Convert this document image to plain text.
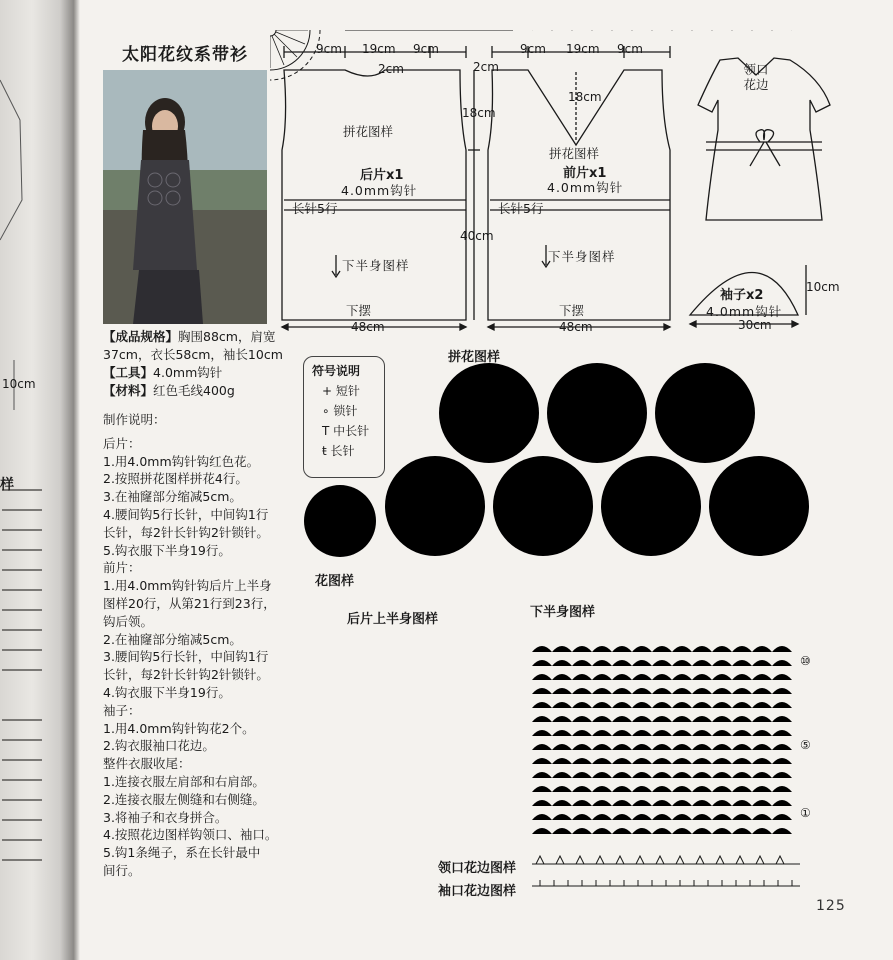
10cm
样
太阳花纹系带衫
【成品规格】胸围88cm，肩宽37cm，衣长58cm，袖长10cm
【工具】4.0mm钩针
【材料】红色毛线400g
制作说明：
后片：
1.用4.0mm钩针钩红色花。
2.按照拼花图样拼花4行。
3.在袖窿部分缩减5cm。
4.腰间钩5行长针，中间钩1行
长针，每2针长针钩2针锁针。
5.钩衣服下半身19行。
前片：
1.用4.0mm钩针钩后片上半身
图样20行，从第21行到23行，
钩后领。
2.在袖窿部分缩减5cm。
3.腰间钩5行长针，中间钩1行
长针，每2针长针钩2针锁针。
4.钩衣服下半身19行。
袖子：
1.用4.0mm钩针钩花2个。
2.钩衣服袖口花边。
整件衣服收尾：
1.连接衣服左肩部和右肩部。
2.连接衣服左侧缝和右侧缝。
3.将袖子和衣身拼合。
4.按照花边图样钩领口、袖口。
5.钩1条绳子，系在长针最中
间行。
9cm 19cm 9cm
2cm	2cm
18cm
40cm
拼花图样
后片x1
4.0mm钩针
长针5行
下半身图样
下摆
48cm
9cm 19cm 9cm
18cm
拼花图样
前片x1
4.0mm钩针
长针5行
下半身图样
下摆
48cm
领口花边
袖子x2
4.0mm钩针
10cm
30cm
符号说明
+ 短针
∘ 锁针
T 中长针
ŧ 长针
拼花图样
花图样
后片上半身图样	下半身图样
领口花边图样
袖口花边图样
⑩
⑤
①
125
